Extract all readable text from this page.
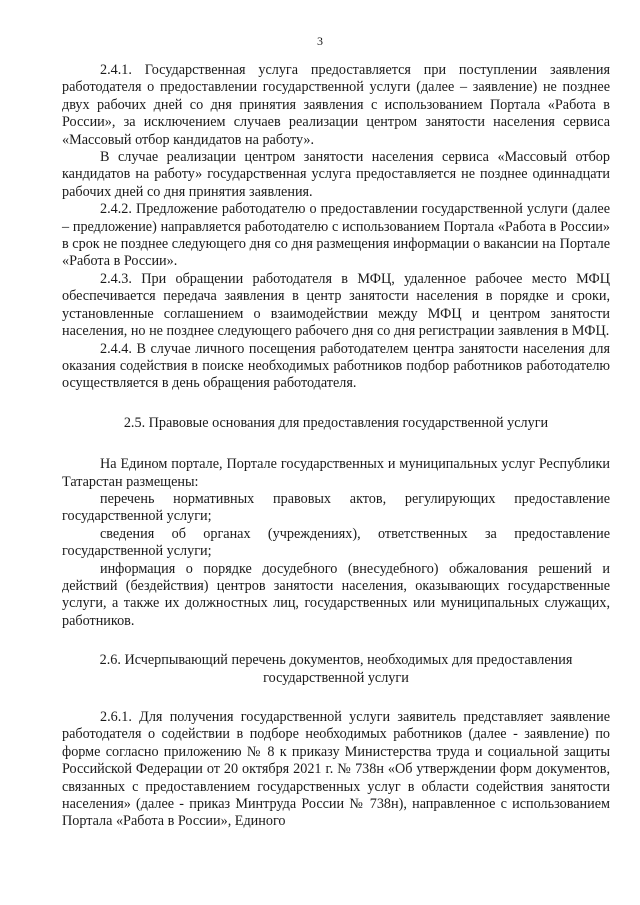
3

2.4.1. Государственная услуга предоставляется при поступлении заявления работодателя о предоставлении государственной услуги (далее – заявление) не позднее двух рабочих дней со дня принятия заявления с использованием Портала «Работа в России», за исключением случаев реализации центром занятости населения сервиса «Массовый отбор кандидатов на работу».

В случае реализации центром занятости населения сервиса «Массовый отбор кандидатов на работу» государственная услуга предоставляется не позднее одиннадцати рабочих дней со дня принятия заявления.

2.4.2. Предложение работодателю о предоставлении государственной услуги (далее – предложение) направляется работодателю с использованием Портала «Работа в России» в срок не позднее следующего дня со дня размещения информации о вакансии на Портале «Работа в России».

2.4.3. При обращении работодателя в МФЦ, удаленное рабочее место МФЦ обеспечивается передача заявления в центр занятости населения в порядке и сроки, установленные соглашением о взаимодействии между МФЦ и центром занятости населения, но не позднее следующего рабочего дня со дня регистрации заявления в МФЦ.

2.4.4. В случае личного посещения работодателем центра занятости населения для оказания содействия в поиске необходимых работников подбор работников работодателю осуществляется в день обращения работодателя.

2.5. Правовые основания для предоставления государственной услуги

На Едином портале, Портале государственных и муниципальных услуг Республики Татарстан размещены:

перечень нормативных правовых актов, регулирующих предоставление государственной услуги;

сведения об органах (учреждениях), ответственных за предоставление государственной услуги;

информация о порядке досудебного (внесудебного) обжалования решений и действий (бездействия) центров занятости населения, оказывающих государственные услуги, а также их должностных лиц, государственных или муниципальных служащих, работников.

2.6. Исчерпывающий перечень документов, необходимых для предоставления государственной услуги

2.6.1. Для получения государственной услуги заявитель представляет заявление работодателя о содействии в подборе необходимых работников (далее - заявление) по форме согласно приложению № 8 к приказу Министерства труда и социальной защиты Российской Федерации от 20 октября 2021 г. № 738н «Об утверждении форм документов, связанных с предоставлением государственных услуг в области содействия занятости населения» (далее - приказ Минтруда России № 738н), направленное с использованием Портала «Работа в России», Единого
